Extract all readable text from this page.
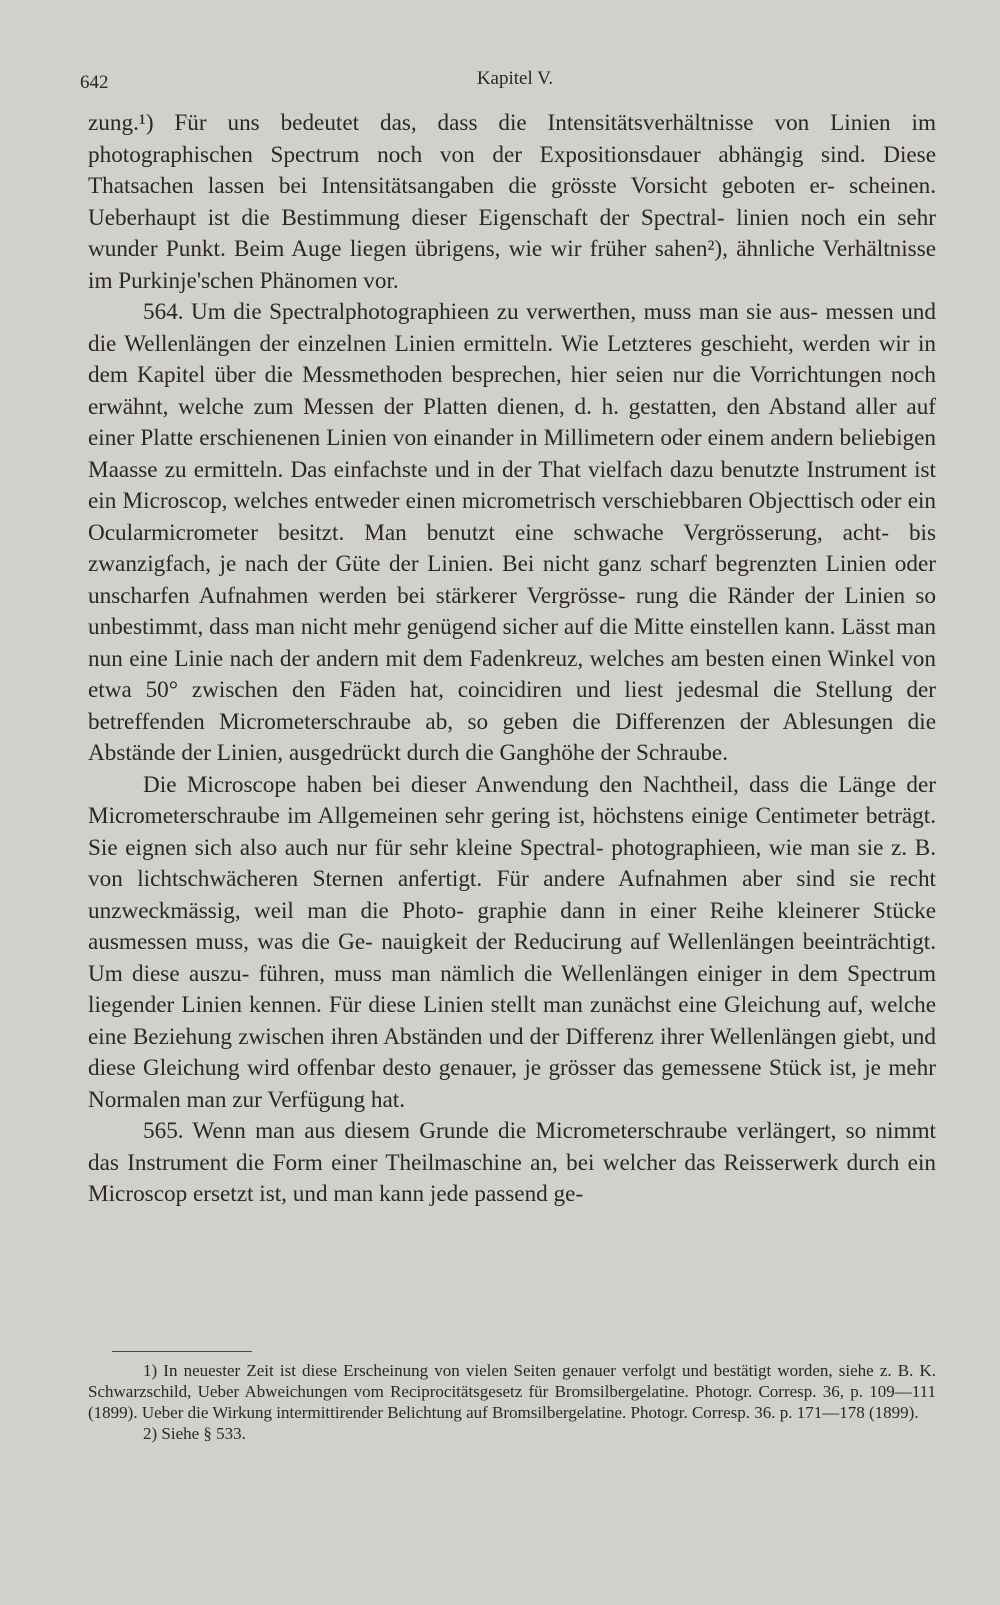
642	Kapitel V.

zung.¹) Für uns bedeutet das, dass die Intensitätsverhältnisse von Linien im photographischen Spectrum noch von der Expositionsdauer abhängig sind. Diese Thatsachen lassen bei Intensitätsangaben die grösste Vorsicht geboten er- scheinen. Ueberhaupt ist die Bestimmung dieser Eigenschaft der Spectral- linien noch ein sehr wunder Punkt. Beim Auge liegen übrigens, wie wir früher sahen²), ähnliche Verhältnisse im Purkinje'schen Phänomen vor.

564. Um die Spectralphotographieen zu verwerthen, muss man sie aus- messen und die Wellenlängen der einzelnen Linien ermitteln. Wie Letzteres geschieht, werden wir in dem Kapitel über die Messmethoden besprechen, hier seien nur die Vorrichtungen noch erwähnt, welche zum Messen der Platten dienen, d. h. gestatten, den Abstand aller auf einer Platte erschienenen Linien von einander in Millimetern oder einem andern beliebigen Maasse zu ermitteln. Das einfachste und in der That vielfach dazu benutzte Instrument ist ein Microscop, welches entweder einen micrometrisch verschiebbaren Objecttisch oder ein Ocularmicrometer besitzt. Man benutzt eine schwache Vergrösserung, acht- bis zwanzigfach, je nach der Güte der Linien. Bei nicht ganz scharf begrenzten Linien oder unscharfen Aufnahmen werden bei stärkerer Vergrösse- rung die Ränder der Linien so unbestimmt, dass man nicht mehr genügend sicher auf die Mitte einstellen kann. Lässt man nun eine Linie nach der andern mit dem Fadenkreuz, welches am besten einen Winkel von etwa 50° zwischen den Fäden hat, coincidiren und liest jedesmal die Stellung der betreffenden Micrometerschraube ab, so geben die Differenzen der Ablesungen die Abstände der Linien, ausgedrückt durch die Ganghöhe der Schraube.

Die Microscope haben bei dieser Anwendung den Nachtheil, dass die Länge der Micrometerschraube im Allgemeinen sehr gering ist, höchstens einige Centimeter beträgt. Sie eignen sich also auch nur für sehr kleine Spectral- photographieen, wie man sie z. B. von lichtschwächeren Sternen anfertigt. Für andere Aufnahmen aber sind sie recht unzweckmässig, weil man die Photo- graphie dann in einer Reihe kleinerer Stücke ausmessen muss, was die Ge- nauigkeit der Reducirung auf Wellenlängen beeinträchtigt. Um diese auszu- führen, muss man nämlich die Wellenlängen einiger in dem Spectrum liegender Linien kennen. Für diese Linien stellt man zunächst eine Gleichung auf, welche eine Beziehung zwischen ihren Abständen und der Differenz ihrer Wellenlängen giebt, und diese Gleichung wird offenbar desto genauer, je grösser das gemessene Stück ist, je mehr Normalen man zur Verfügung hat.

565. Wenn man aus diesem Grunde die Micrometerschraube verlängert, so nimmt das Instrument die Form einer Theilmaschine an, bei welcher das Reisserwerk durch ein Microscop ersetzt ist, und man kann jede passend ge-

1) In neuester Zeit ist diese Erscheinung von vielen Seiten genauer verfolgt und bestätigt worden, siehe z. B. K. Schwarzschild, Ueber Abweichungen vom Reciprocitätsgesetz für Bromsilbergelatine. Photogr. Corresp. 36, p. 109—111 (1899). Ueber die Wirkung intermittirender Belichtung auf Bromsilbergelatine. Photogr. Corresp. 36. p. 171—178 (1899).

2) Siehe § 533.
